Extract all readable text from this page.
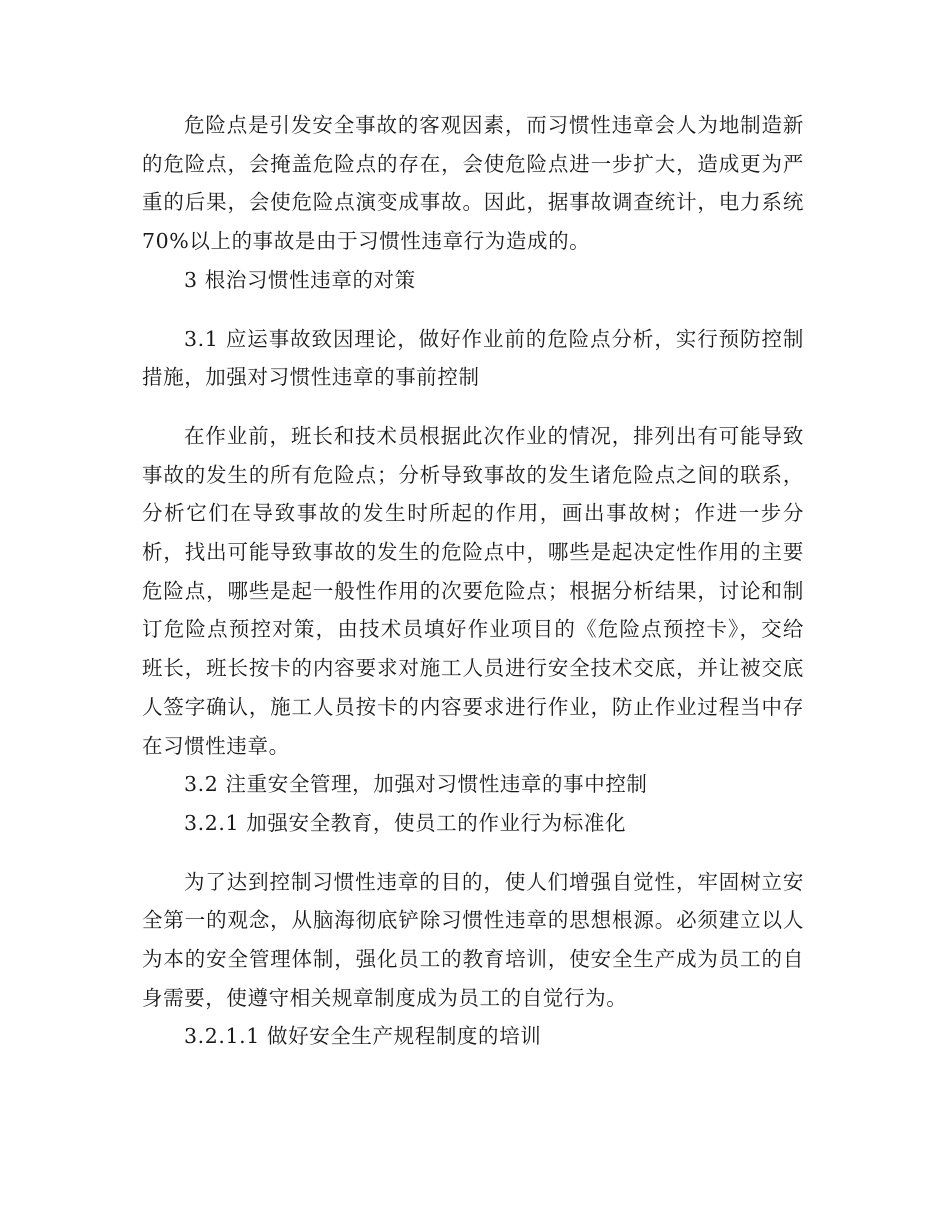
危险点是引发安全事故的客观因素，而习惯性违章会人为地制造新的危险点，会掩盖危险点的存在，会使危险点进一步扩大，造成更为严重的后果，会使危险点演变成事故。因此，据事故调查统计，电力系统70%以上的事故是由于习惯性违章行为造成的。

3 根治习惯性违章的对策

3.1 应运事故致因理论，做好作业前的危险点分析，实行预防控制措施，加强对习惯性违章的事前控制

在作业前，班长和技术员根据此次作业的情况，排列出有可能导致事故的发生的所有危险点；分析导致事故的发生诸危险点之间的联系，分析它们在导致事故的发生时所起的作用，画出事故树；作进一步分析，找出可能导致事故的发生的危险点中，哪些是起决定性作用的主要危险点，哪些是起一般性作用的次要危险点；根据分析结果，讨论和制订危险点预控对策，由技术员填好作业项目的《危险点预控卡》，交给班长，班长按卡的内容要求对施工人员进行安全技术交底，并让被交底人签字确认，施工人员按卡的内容要求进行作业，防止作业过程当中存在习惯性违章。

3.2 注重安全管理，加强对习惯性违章的事中控制

3.2.1 加强安全教育，使员工的作业行为标准化

为了达到控制习惯性违章的目的，使人们增强自觉性，牢固树立安全第一的观念，从脑海彻底铲除习惯性违章的思想根源。必须建立以人为本的安全管理体制，强化员工的教育培训，使安全生产成为员工的自身需要，使遵守相关规章制度成为员工的自觉行为。

3.2.1.1 做好安全生产规程制度的培训
